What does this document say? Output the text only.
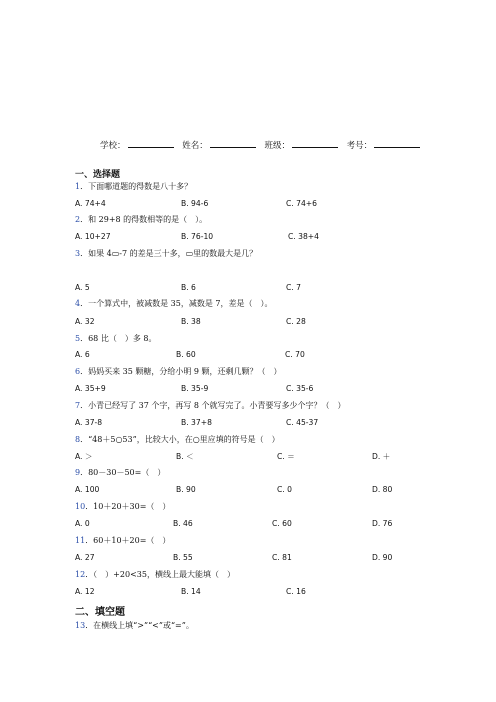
学校：	姓名：	班级：	考号：
一、选择题
1．下面哪道题的得数是八十多？
A. 74+4	B. 94-6	C. 74+6
2．和 29+8 的得数相等的是（　）。
A. 10+27	B. 76-10	C. 38+4
3．如果 4▭-7 的差是三十多，▭里的数最大是几？
A. 5	B. 6	C. 7
4．一个算式中，被减数是 35，减数是 7，差是（　）。
A. 32	B. 38	C. 28
5．68 比（　）多 8。
A. 6	B. 60	C. 70
6．妈妈买来 35 颗糖，分给小明 9 颗，还剩几颗？（　）
A. 35+9	B. 35-9	C. 35-6
7．小青已经写了 37 个字，再写 8 个就写完了。小青要写多少个字？（　）
A. 37-8	B. 37+8	C. 45-37
8．“48＋5○53”，比较大小，在○里应填的符号是（　）
A. ＞	B. ＜	C. ＝	D. ＋
9．80－30－50=（　）
A. 100	B. 90	C. 0	D. 80
10．10＋20＋30=（　）
A. 0	B. 46	C. 60	D. 76
11．60＋10＋20=（　）
A. 27	B. 55	C. 81	D. 90
12．（　）+20<35，横线上最大能填（　）
A. 12	B. 14	C. 16
二、填空题
13．在横线上填“>”“<”或“=”。
